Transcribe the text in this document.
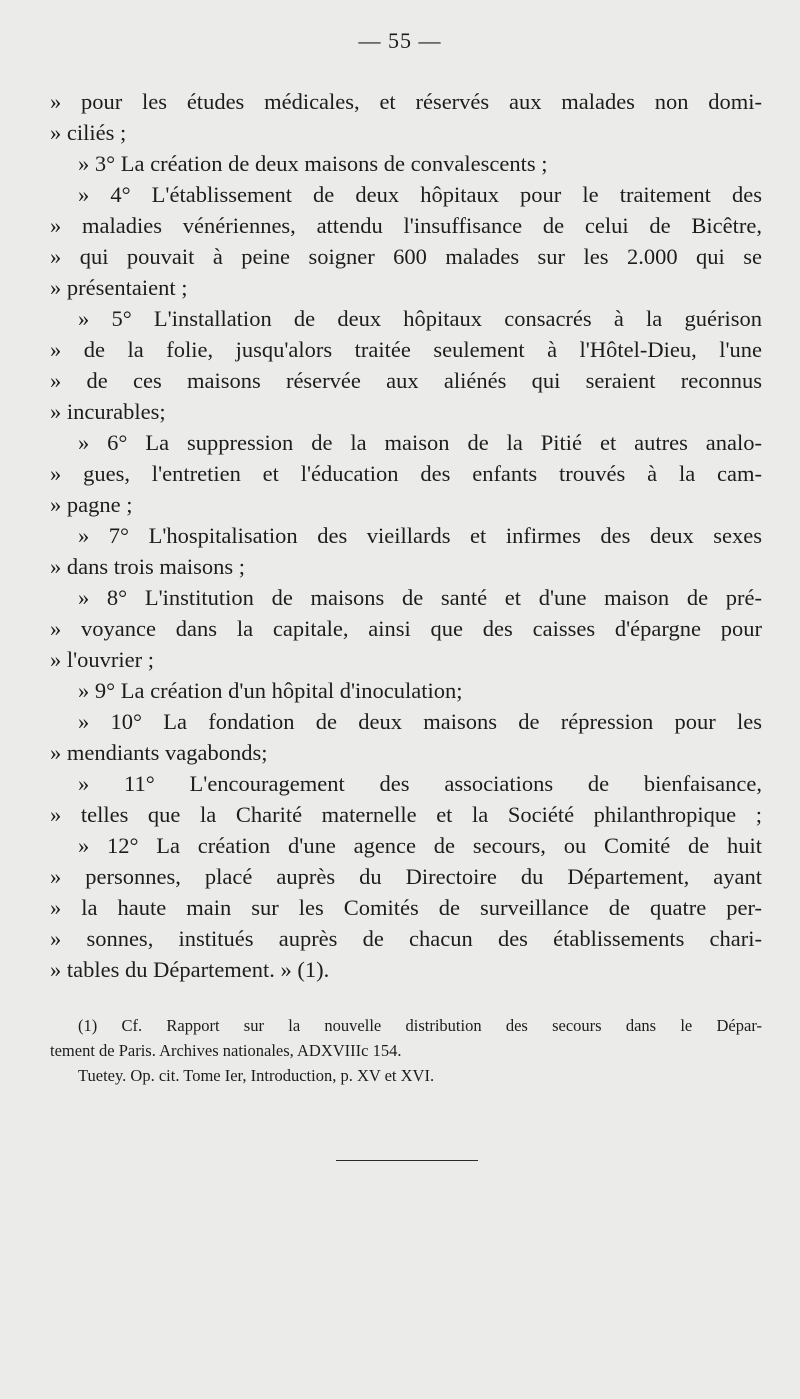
— 55 —
» pour les études médicales, et réservés aux malades non domi-
» ciliés ;
» 3° La création de deux maisons de convalescents ;
» 4° L'établissement de deux hôpitaux pour le traitement des
» maladies vénériennes, attendu l'insuffisance de celui de Bicêtre,
» qui pouvait à peine soigner 600 malades sur les 2.000 qui se
» présentaient ;
» 5° L'installation de deux hôpitaux consacrés à la guérison
» de la folie, jusqu'alors traitée seulement à l'Hôtel-Dieu, l'une
» de ces maisons réservée aux aliénés qui seraient reconnus
» incurables;
» 6° La suppression de la maison de la Pitié et autres analo-
» gues, l'entretien et l'éducation des enfants trouvés à la cam-
» pagne ;
» 7° L'hospitalisation des vieillards et infirmes des deux sexes
» dans trois maisons ;
» 8° L'institution de maisons de santé et d'une maison de pré-
» voyance dans la capitale, ainsi que des caisses d'épargne pour
» l'ouvrier ;
» 9° La création d'un hôpital d'inoculation;
» 10° La fondation de deux maisons de répression pour les
» mendiants vagabonds;
» 11° L'encouragement des associations de bienfaisance,
» telles que la Charité maternelle et la Société philanthropique ;
» 12° La création d'une agence de secours, ou Comité de huit
» personnes, placé auprès du Directoire du Département, ayant
» la haute main sur les Comités de surveillance de quatre per-
» sonnes, institués auprès de chacun des établissements chari-
» tables du Département. » (1).
(1) Cf. Rapport sur la nouvelle distribution des secours dans le Dépar-
tement de Paris. Archives nationales, ADXVIIIc 154.
Tuetey. Op. cit. Tome Ier, Introduction, p. XV et XVI.
